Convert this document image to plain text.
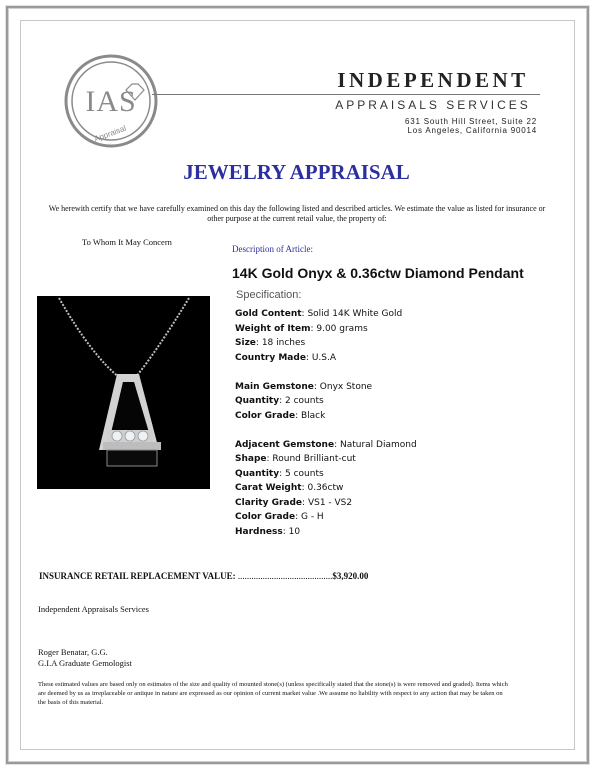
IAS
Appraisal
INDEPENDENT
APPRAISALS SERVICES
631 South Hill Street, Suite 22
Los Angeles, California 90014
JEWELRY APPRAISAL
We herewith certify that we have carefully examined on this day the following listed and described articles. We estimate the value as listed for insurance or other purpose at the current retail value, the property of:
To Whom It May Concern
Description of Article:
14K Gold Onyx & 0.36ctw Diamond Pendant
Specification:
Gold Content: Solid 14K White Gold
Weight of Item: 9.00 grams
Size: 18 inches
Country Made: U.S.A
Main Gemstone: Onyx Stone
Quantity: 2 counts
Color Grade: Black
Adjacent Gemstone: Natural Diamond
Shape: Round Brilliant-cut
Quantity: 5 counts
Carat Weight: 0.36ctw
Clarity Grade: VS1 - VS2
Color Grade: G - H
Hardness: 10
INSURANCE RETAIL REPLACEMENT VALUE: ..........................................$3,920.00
Independent Appraisals Services
Roger Benatar, G.G.
G.I.A Graduate Gemologist
These estimated values are based only on estimates of the size and quality of mounted stone(s) (unless specifically stated that the stone(s) is were removed and graded). Items which are deemed by us as irreplaceable or antique in nature are expressed as our opinion of current market value .We assume no liability with respect to any action that may be taken on the basis of this material.
